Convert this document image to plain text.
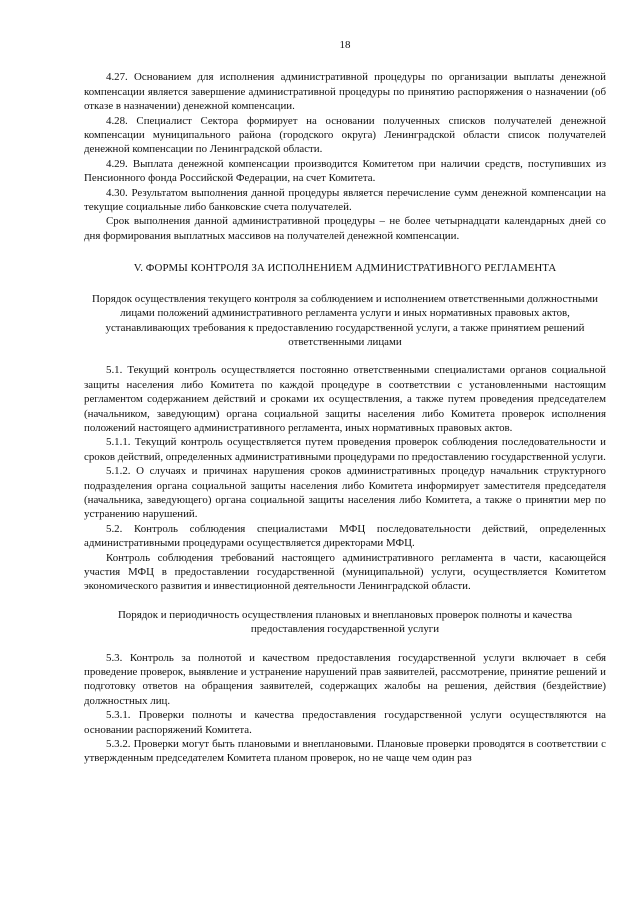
18

4.27. Основанием для исполнения административной процедуры по организации выплаты денежной компенсации является завершение административной процедуры по принятию распоряжения о назначении (об отказе в назначении) денежной компенсации.

4.28. Специалист Сектора формирует на основании полученных списков получателей денежной компенсации муниципального района (городского округа) Ленинградской области список получателей денежной компенсации по Ленинградской области.

4.29. Выплата денежной компенсации производится Комитетом при наличии средств, поступивших из Пенсионного фонда Российской Федерации, на счет Комитета.

4.30. Результатом выполнения данной процедуры является перечисление сумм денежной компенсации на текущие социальные либо банковские счета получателей.

Срок выполнения данной административной процедуры – не более четырнадцати календарных дней со дня формирования выплатных массивов на получателей денежной компенсации.

V. ФОРМЫ КОНТРОЛЯ ЗА ИСПОЛНЕНИЕМ АДМИНИСТРАТИВНОГО РЕГЛАМЕНТА

Порядок осуществления текущего контроля за соблюдением и исполнением ответственными должностными лицами положений административного регламента услуги и иных нормативных правовых актов, устанавливающих требования к предоставлению государственной услуги, а также принятием решений ответственными лицами

5.1. Текущий контроль осуществляется постоянно ответственными специалистами органов социальной защиты населения либо Комитета по каждой процедуре в соответствии с установленными настоящим регламентом содержанием действий и сроками их осуществления, а также путем проведения председателем (начальником, заведующим) органа социальной защиты населения либо Комитета проверок исполнения положений настоящего административного регламента, иных нормативных правовых актов.

5.1.1. Текущий контроль осуществляется путем проведения проверок соблюдения последовательности и сроков действий, определенных административными процедурами по предоставлению государственной услуги.

5.1.2. О случаях и причинах нарушения сроков административных процедур начальник структурного подразделения органа социальной защиты населения либо Комитета информирует заместителя председателя (начальника, заведующего) органа социальной защиты населения либо Комитета, а также о принятии мер по устранению нарушений.

5.2. Контроль соблюдения специалистами МФЦ последовательности действий, определенных административными процедурами осуществляется директорами МФЦ.

Контроль соблюдения требований настоящего административного регламента в части, касающейся участия МФЦ в предоставлении государственной (муниципальной) услуги, осуществляется Комитетом экономического развития и инвестиционной деятельности Ленинградской области.

Порядок и периодичность осуществления плановых и внеплановых проверок полноты и качества предоставления государственной услуги

5.3. Контроль за полнотой и качеством предоставления государственной услуги включает в себя проведение проверок, выявление и устранение нарушений прав заявителей, рассмотрение, принятие решений и подготовку ответов на обращения заявителей, содержащих жалобы на решения, действия (бездействие) должностных лиц.

5.3.1. Проверки полноты и качества предоставления государственной услуги осуществляются на основании распоряжений Комитета.

5.3.2. Проверки могут быть плановыми и внеплановыми. Плановые проверки проводятся в соответствии с утвержденным председателем Комитета планом проверок, но не чаще чем один раз
